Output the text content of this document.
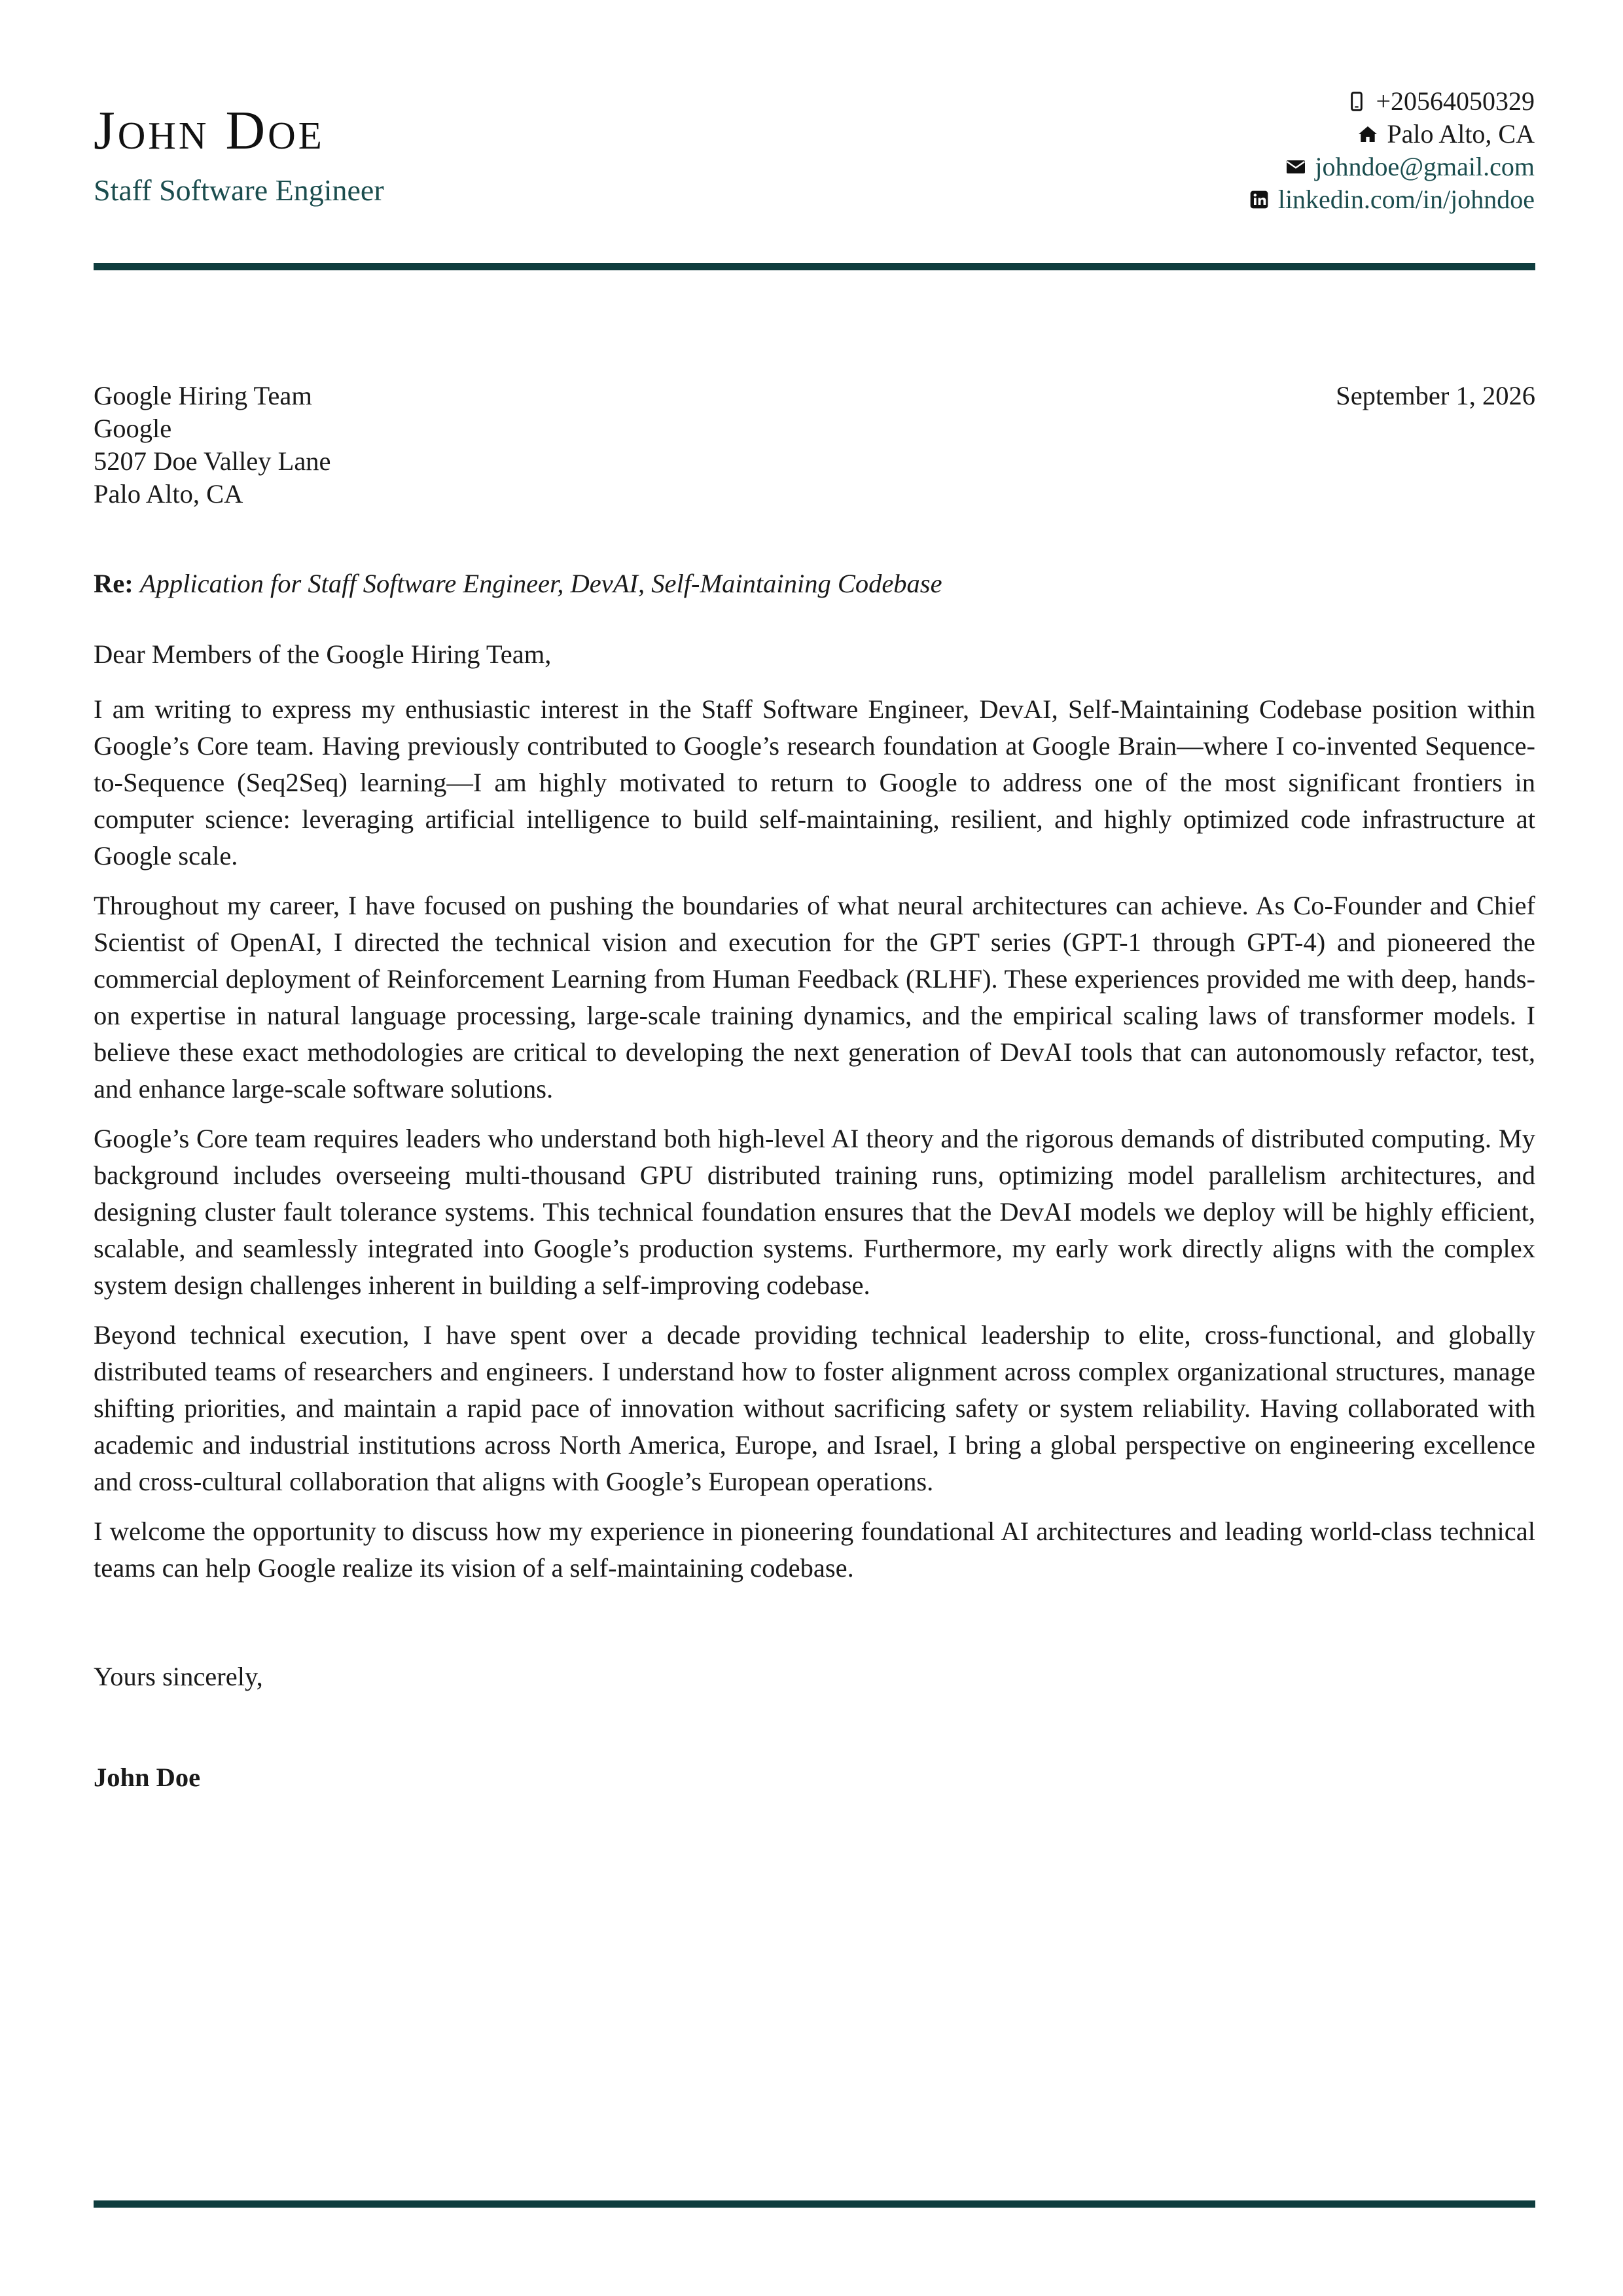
John Doe
Staff Software Engineer
+20564050329
Palo Alto, CA
johndoe@gmail.com
linkedin.com/in/johndoe
Google Hiring Team
Google
5207 Doe Valley Lane
Palo Alto, CA
September 1, 2026
Re: Application for Staff Software Engineer, DevAI, Self-Maintaining Codebase
Dear Members of the Google Hiring Team,
I am writing to express my enthusiastic interest in the Staff Software Engineer, DevAI, Self-Maintaining Codebase position within Google’s Core team. Having previously contributed to Google’s research foundation at Google Brain—where I co-invented Sequence-to-Sequence (Seq2Seq) learning—I am highly motivated to return to Google to address one of the most significant frontiers in computer science: leveraging artificial intelligence to build self-maintaining, resilient, and highly optimized code infrastructure at Google scale.
Throughout my career, I have focused on pushing the boundaries of what neural architectures can achieve. As Co-Founder and Chief Scientist of OpenAI, I directed the technical vision and execution for the GPT series (GPT-1 through GPT-4) and pioneered the commercial deployment of Reinforcement Learning from Human Feedback (RLHF). These experiences provided me with deep, hands-on expertise in natural language processing, large-scale training dynamics, and the empirical scaling laws of transformer models. I believe these exact methodologies are critical to developing the next generation of DevAI tools that can autonomously refactor, test, and enhance large-scale software solutions.
Google’s Core team requires leaders who understand both high-level AI theory and the rigorous demands of distributed computing. My background includes overseeing multi-thousand GPU distributed training runs, optimizing model parallelism architectures, and designing cluster fault tolerance systems. This technical foundation ensures that the DevAI models we deploy will be highly efficient, scalable, and seamlessly integrated into Google’s production systems. Furthermore, my early work directly aligns with the complex system design challenges inherent in building a self-improving codebase.
Beyond technical execution, I have spent over a decade providing technical leadership to elite, cross-functional, and globally distributed teams of researchers and engineers. I understand how to foster alignment across complex organizational structures, manage shifting priorities, and maintain a rapid pace of innovation without sacrificing safety or system reliability. Having collaborated with academic and industrial institutions across North America, Europe, and Israel, I bring a global perspective on engineering excellence and cross-cultural collaboration that aligns with Google’s European operations.
I welcome the opportunity to discuss how my experience in pioneering foundational AI architectures and leading world-class technical teams can help Google realize its vision of a self-maintaining codebase.
Yours sincerely,
John Doe
